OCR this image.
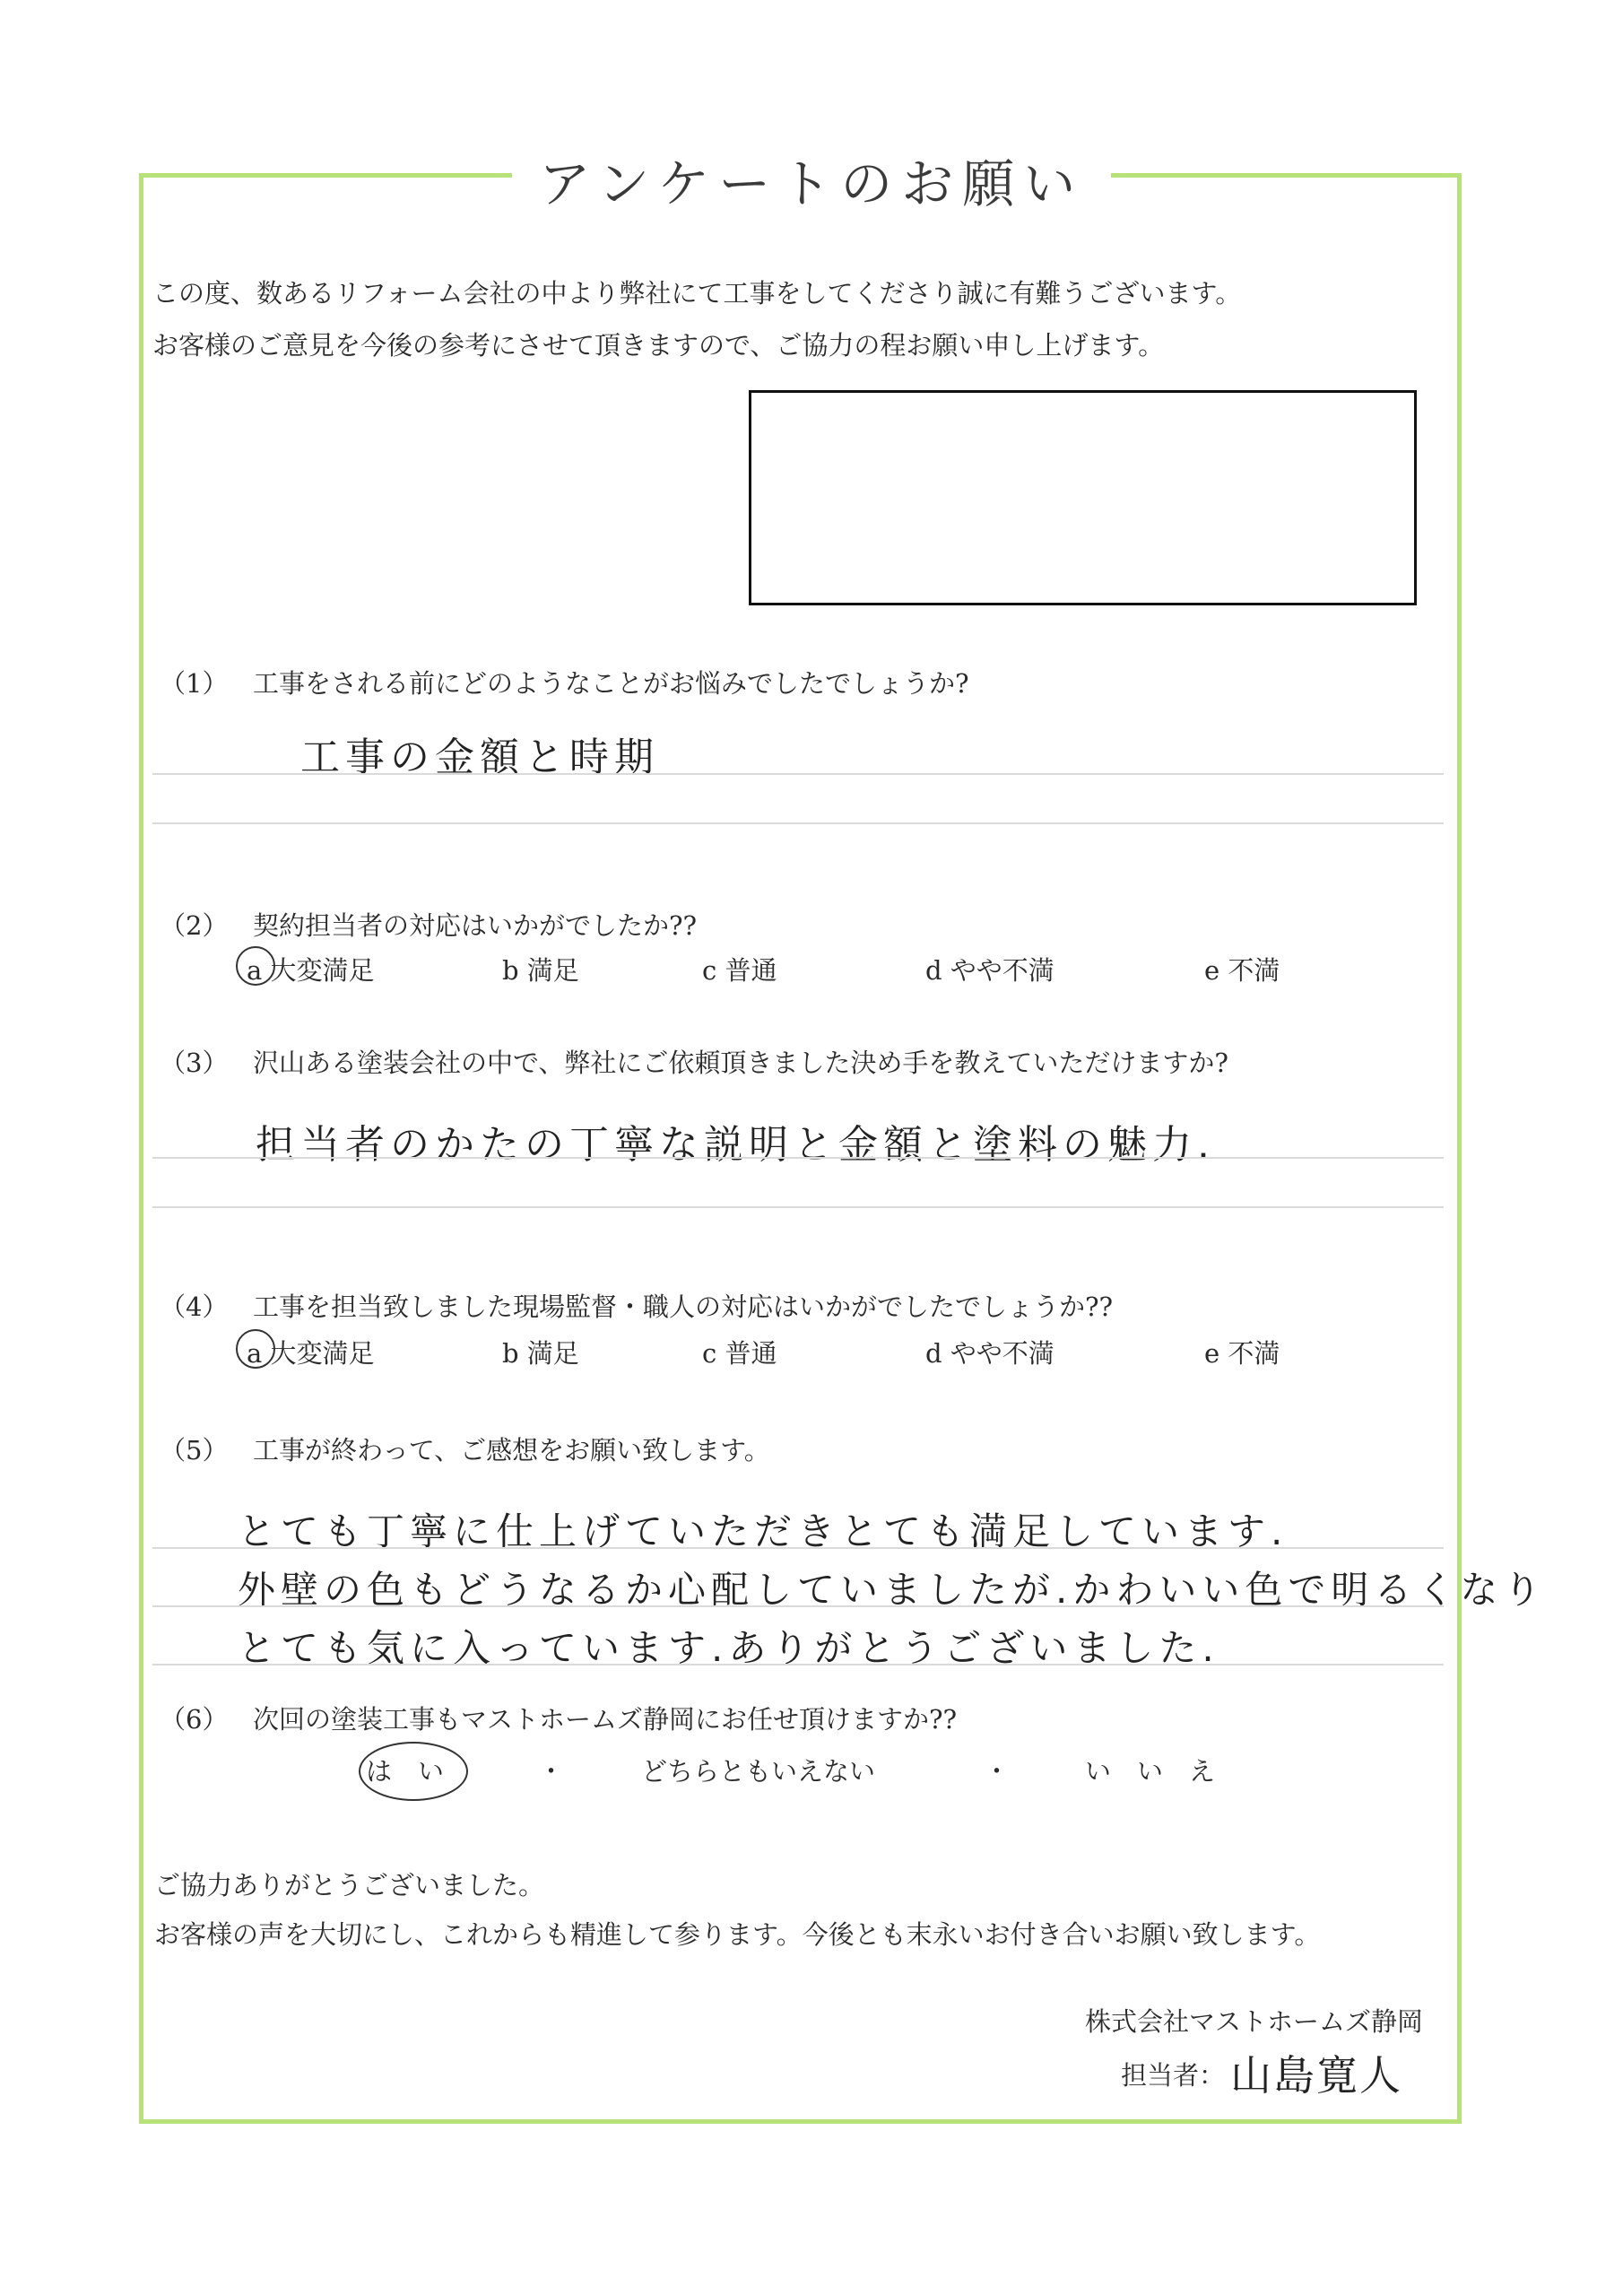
アンケートのお願い
この度、数あるリフォーム会社の中より弊社にて工事をしてくださり誠に有難うございます。
お客様のご意見を今後の参考にさせて頂きますので、ご協力の程お願い申し上げます。
（1） 工事をされる前にどのようなことがお悩みでしたでしょうか?
工事の金額と時期
（2） 契約担当者の対応はいかがでしたか??
a 大変満足	b 満足	c 普通	d やや不満	e 不満
（3） 沢山ある塗装会社の中で、弊社にご依頼頂きました決め手を教えていただけますか?
担当者のかたの丁寧な説明と金額と塗料の魅力.
（4） 工事を担当致しました現場監督・職人の対応はいかがでしたでしょうか??
a 大変満足	b 満足	c 普通	d やや不満	e 不満
（5） 工事が終わって、ご感想をお願い致します。
とても丁寧に仕上げていただきとても満足しています.
外壁の色もどうなるか心配していましたが.かわいい色で明るくなり
とても気に入っています.ありがとうございました.
（6） 次回の塗装工事もマストホームズ静岡にお任せ頂けますか??
は　い	・	どちらともいえない	・	い　い　え
ご協力ありがとうございました。
お客様の声を大切にし、これからも精進して参ります。今後とも末永いお付き合いお願い致します。
株式会社マストホームズ静岡
担当者： 山島寛人
